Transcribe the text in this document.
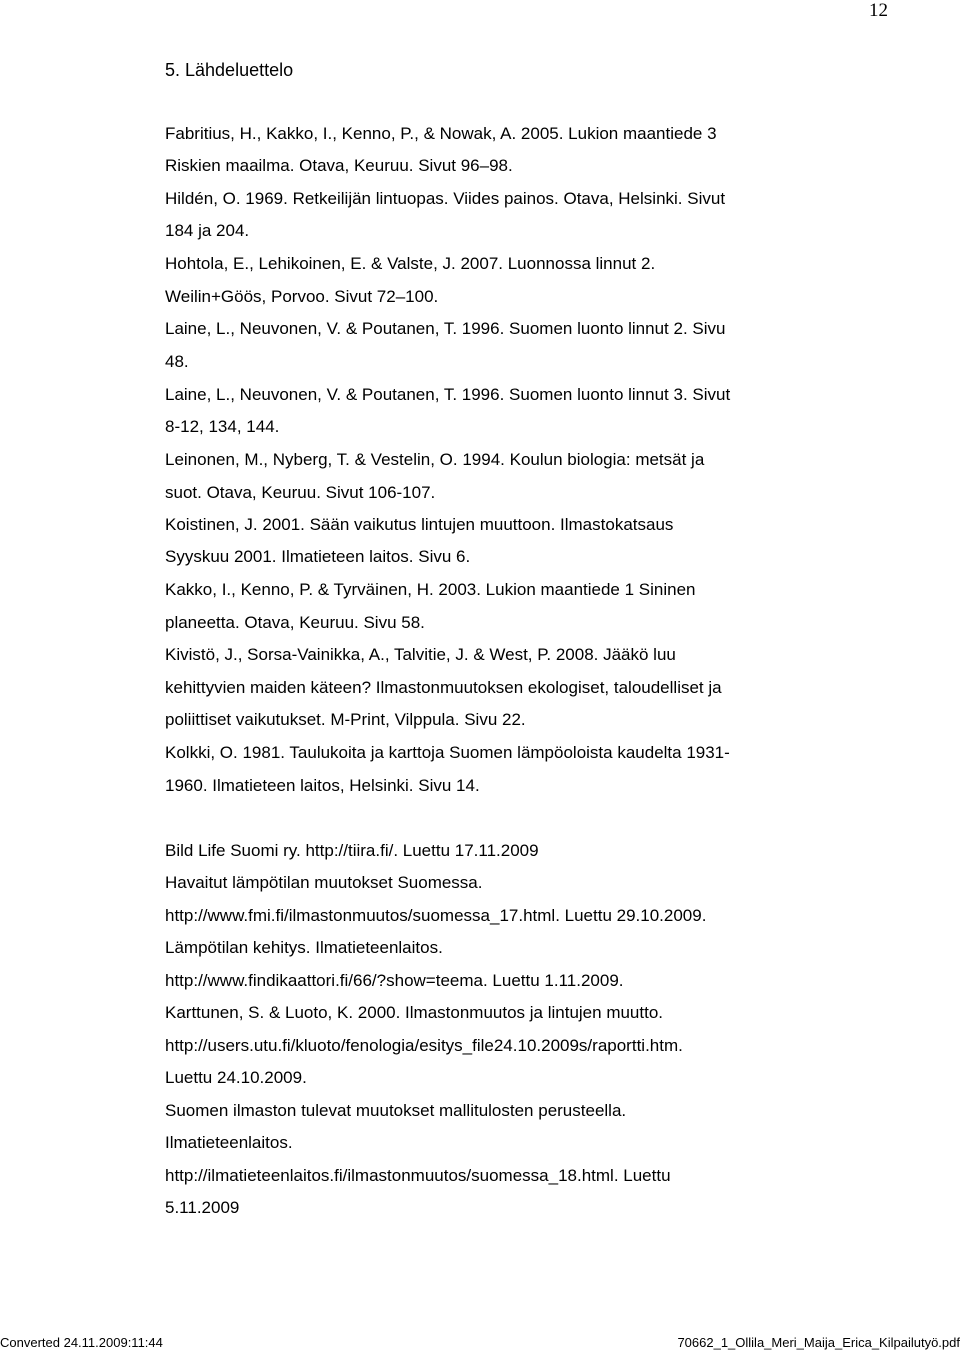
12
5. Lähdeluettelo
Fabritius, H., Kakko, I., Kenno, P., & Nowak, A. 2005. Lukion maantiede 3
Riskien maailma. Otava, Keuruu. Sivut 96–98.
Hildén, O. 1969. Retkeilijän lintuopas. Viides painos. Otava, Helsinki. Sivut
184 ja 204.
Hohtola, E., Lehikoinen, E. & Valste, J. 2007. Luonnossa linnut 2.
Weilin+Göös, Porvoo. Sivut 72–100.
Laine, L., Neuvonen, V. & Poutanen, T. 1996. Suomen luonto linnut 2. Sivu
48.
Laine, L., Neuvonen, V. & Poutanen, T. 1996. Suomen luonto linnut 3. Sivut
8-12, 134, 144.
Leinonen, M., Nyberg, T. & Vestelin, O. 1994. Koulun biologia: metsät ja
suot. Otava, Keuruu. Sivut 106-107.
Koistinen, J. 2001. Sään vaikutus lintujen muuttoon. Ilmastokatsaus
Syyskuu 2001. Ilmatieteen laitos. Sivu 6.
Kakko, I., Kenno, P. & Tyrväinen, H. 2003. Lukion maantiede 1 Sininen
planeetta. Otava, Keuruu. Sivu 58.
Kivistö, J., Sorsa-Vainikka, A., Talvitie, J. & West, P. 2008. Jääkö luu
kehittyvien maiden käteen? Ilmastonmuutoksen ekologiset, taloudelliset ja
poliittiset vaikutukset. M-Print, Vilppula. Sivu 22.
Kolkki, O. 1981. Taulukoita ja karttoja Suomen lämpöoloista kaudelta 1931-
1960. Ilmatieteen laitos, Helsinki. Sivu 14.
Bild Life Suomi ry. http://tiira.fi/. Luettu 17.11.2009
Havaitut lämpötilan muutokset Suomessa.
http://www.fmi.fi/ilmastonmuutos/suomessa_17.html. Luettu 29.10.2009.
Lämpötilan kehitys. Ilmatieteenlaitos.
http://www.findikaattori.fi/66/?show=teema. Luettu 1.11.2009.
Karttunen, S. & Luoto, K. 2000. Ilmastonmuutos ja lintujen muutto.
http://users.utu.fi/kluoto/fenologia/esitys_file24.10.2009s/raportti.htm.
Luettu 24.10.2009.
Suomen ilmaston tulevat muutokset mallitulosten perusteella.
Ilmatieteenlaitos.
http://ilmatieteenlaitos.fi/ilmastonmuutos/suomessa_18.html. Luettu
5.11.2009
Converted 24.11.2009:11:44	70662_1_Ollila_Meri_Maija_Erica_Kilpailutyö.pdf
